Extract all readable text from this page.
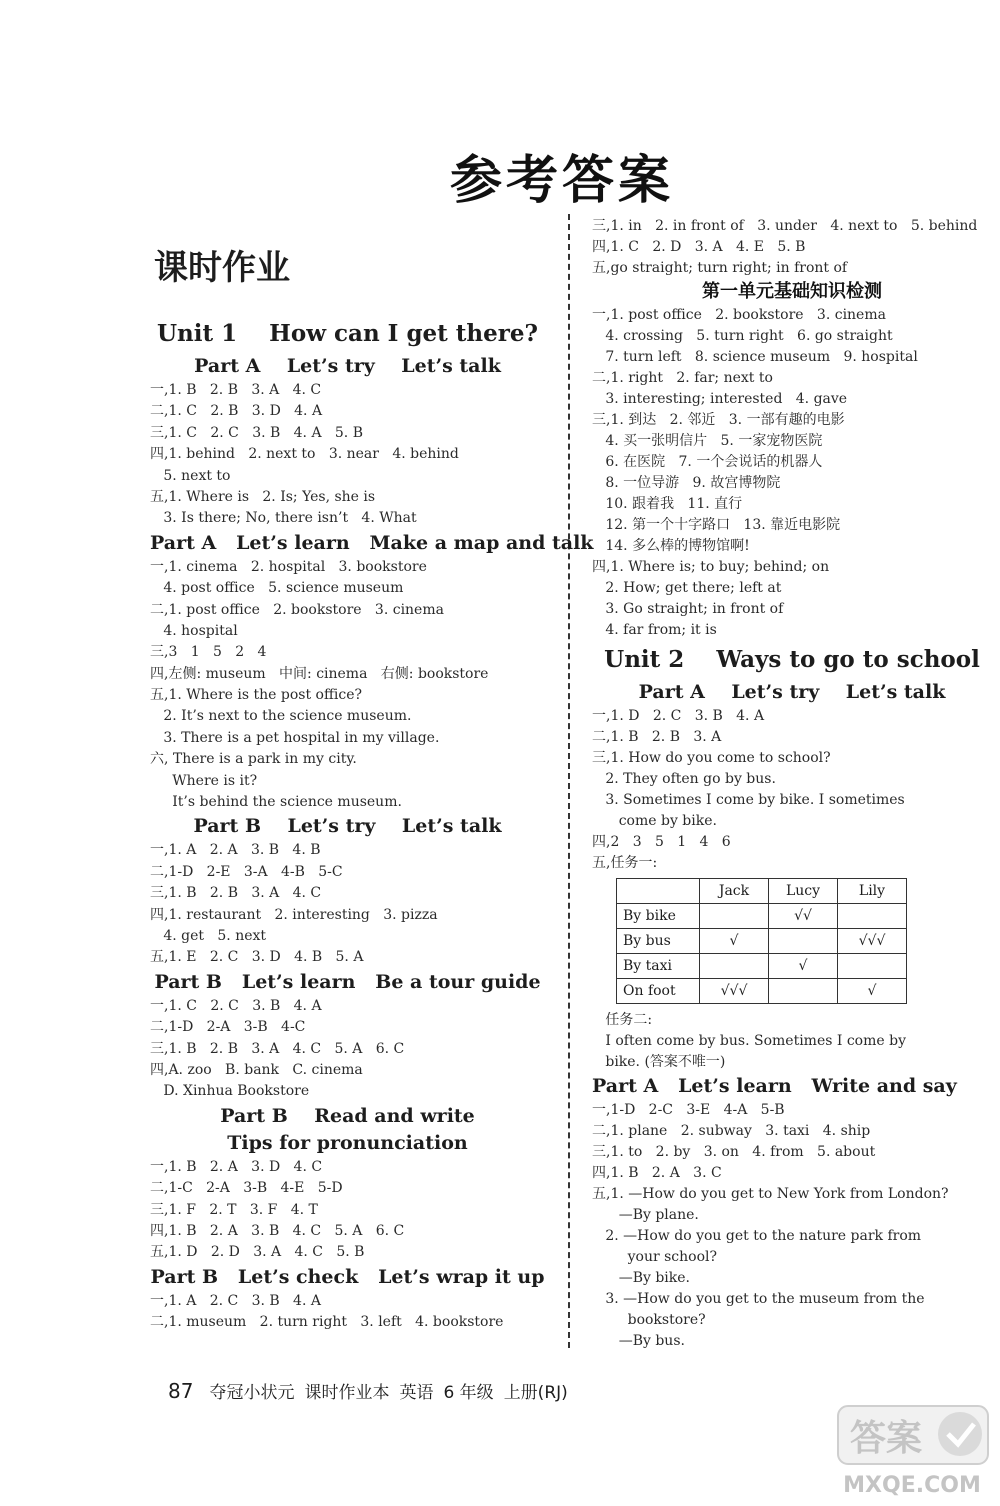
参考答案
课时作业
Unit 1    How can I get there?
Part A    Let’s try    Let’s talk
一,1. B   2. B   3. A   4. C
二,1. C   2. B   3. D   4. A
三,1. C   2. C   3. B   4. A   5. B
四,1. behind   2. next to   3. near   4. behind
5. next to
五,1. Where is   2. Is; Yes, she is
3. Is there; No, there isn’t   4. What
Part A   Let’s learn   Make a map and talk
一,1. cinema   2. hospital   3. bookstore
4. post office   5. science museum
二,1. post office   2. bookstore   3. cinema
4. hospital
三,3   1   5   2   4
四,左侧: museum   中间: cinema   右侧: bookstore
五,1. Where is the post office?
2. It’s next to the science museum.
3. There is a pet hospital in my village.
六, There is a park in my city.
Where is it?
It’s behind the science museum.
Part B    Let’s try    Let’s talk
一,1. A   2. A   3. B   4. B
二,1-D   2-E   3-A   4-B   5-C
三,1. B   2. B   3. A   4. C
四,1. restaurant   2. interesting   3. pizza
4. get   5. next
五,1. E   2. C   3. D   4. B   5. A
Part B   Let’s learn   Be a tour guide
一,1. C   2. C   3. B   4. A
二,1-D   2-A   3-B   4-C
三,1. B   2. B   3. A   4. C   5. A   6. C
四,A. zoo   B. bank   C. cinema
D. Xinhua Bookstore
Part B    Read and write
Tips for pronunciation
一,1. B   2. A   3. D   4. C
二,1-C   2-A   3-B   4-E   5-D
三,1. F   2. T   3. F   4. T
四,1. B   2. A   3. B   4. C   5. A   6. C
五,1. D   2. D   3. A   4. C   5. B
Part B   Let’s check   Let’s wrap it up
一,1. A   2. C   3. B   4. A
二,1. museum   2. turn right   3. left   4. bookstore
三,1. in   2. in front of   3. under   4. next to   5. behind
四,1. C   2. D   3. A   4. E   5. B
五,go straight; turn right; in front of
第一单元基础知识检测
一,1. post office   2. bookstore   3. cinema
4. crossing   5. turn right   6. go straight
7. turn left   8. science museum   9. hospital
二,1. right   2. far; next to
3. interesting; interested   4. gave
三,1. 到达   2. 邻近   3. 一部有趣的电影
4. 买一张明信片   5. 一家宠物医院
6. 在医院   7. 一个会说话的机器人
8. 一位导游   9. 故宫博物院
10. 跟着我   11. 直行
12. 第一个十字路口   13. 靠近电影院
14. 多么棒的博物馆啊!
四,1. Where is; to buy; behind; on
2. How; get there; left at
3. Go straight; in front of
4. far from; it is
Unit 2    Ways to go to school
Part A    Let’s try    Let’s talk
一,1. D   2. C   3. B   4. A
二,1. B   2. B   3. A
三,1. How do you come to school?
2. They often go by bus.
3. Sometimes I come by bike. I sometimes
come by bike.
四,2   3   5   1   4   6
五,任务一:
	Jack	Lucy	Lily
By bike		√√	
By bus	√		√√√
By taxi		√	
On foot	√√√		√
任务二:
I often come by bus. Sometimes I come by
bike. (答案不唯一)
Part A   Let’s learn   Write and say
一,1-D   2-C   3-E   4-A   5-B
二,1. plane   2. subway   3. taxi   4. ship
三,1. to   2. by   3. on   4. from   5. about
四,1. B   2. A   3. C
五,1. —How do you get to New York from London?
—By plane.
2. —How do you get to the nature park from
your school?
—By bike.
3. —How do you get to the museum from the
bookstore?
—By bus.
87 夺冠小状元 课时作业本 英语 6 年级 上册(RJ)
答案
MXQE.COM
